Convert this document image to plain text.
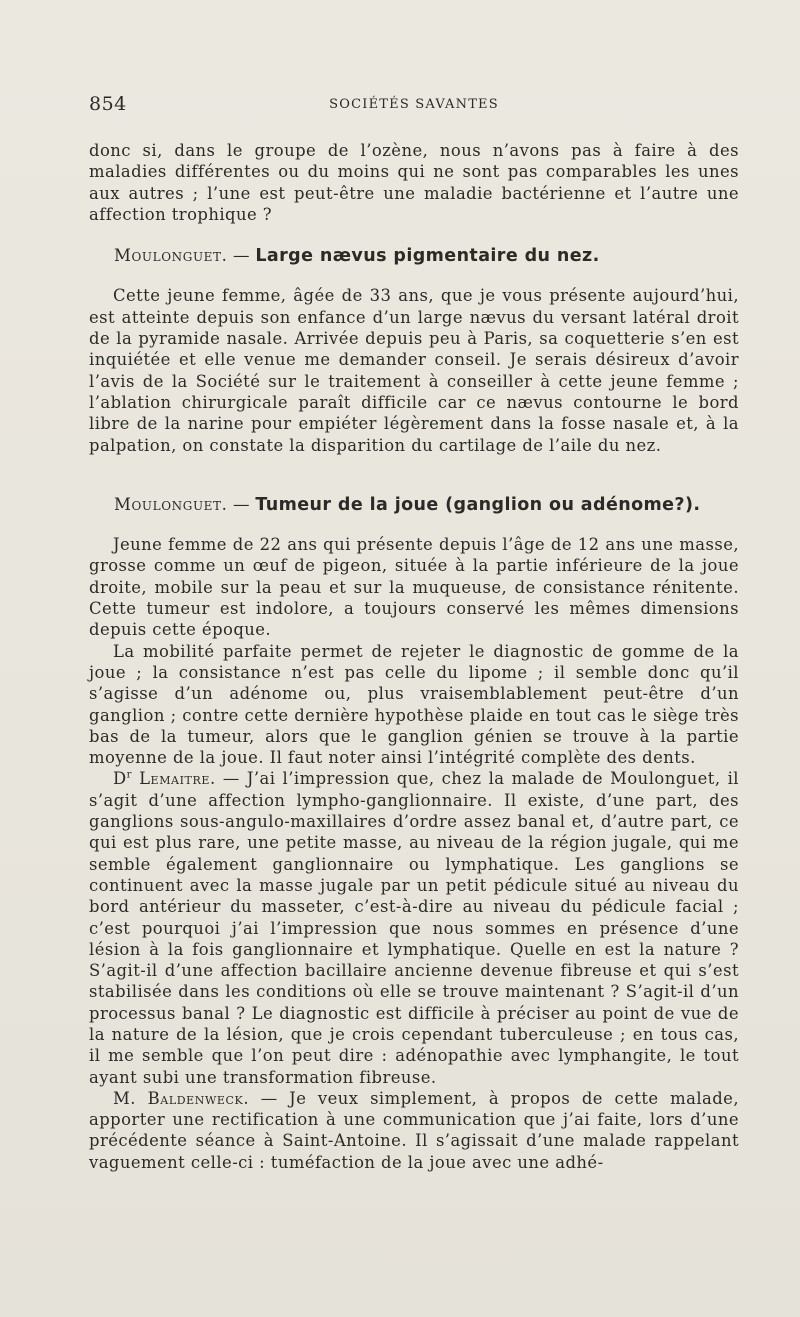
854	SOCIÉTÉS SAVANTES

donc si, dans le groupe de l’ozène, nous n’avons pas à faire à des maladies différentes ou du moins qui ne sont pas comparables les unes aux autres ; l’une est peut-être une maladie bactérienne et l’autre une affection trophique ?

Moulonguet. — Large nævus pigmentaire du nez.

Cette jeune femme, âgée de 33 ans, que je vous présente aujourd’hui, est atteinte depuis son enfance d’un large nævus du versant latéral droit de la pyramide nasale. Arrivée depuis peu à Paris, sa coquetterie s’en est inquiétée et elle venue me demander conseil. Je serais désireux d’avoir l’avis de la Société sur le traitement à conseiller à cette jeune femme ; l’ablation chirurgicale paraît difficile car ce nævus contourne le bord libre de la narine pour empiéter légèrement dans la fosse nasale et, à la palpation, on constate la disparition du cartilage de l’aile du nez.

Moulonguet. — Tumeur de la joue (ganglion ou adénome?).

Jeune femme de 22 ans qui présente depuis l’âge de 12 ans une masse, grosse comme un œuf de pigeon, située à la partie inférieure de la joue droite, mobile sur la peau et sur la muqueuse, de consistance rénitente. Cette tumeur est indolore, a toujours conservé les mêmes dimensions depuis cette époque.

La mobilité parfaite permet de rejeter le diagnostic de gomme de la joue ; la consistance n’est pas celle du lipome ; il semble donc qu’il s’agisse d’un adénome ou, plus vraisemblablement peut-être d’un ganglion ; contre cette dernière hypothèse plaide en tout cas le siège très bas de la tumeur, alors que le ganglion génien se trouve à la partie moyenne de la joue. Il faut noter ainsi l’intégrité complète des dents.

$D^r$ Lemaitre. — J’ai l’impression que, chez la malade de Moulonguet, il s’agit d’une affection lympho-ganglionnaire. Il existe, d’une part, des ganglions sous-angulo-maxillaires d’ordre assez banal et, d’autre part, ce qui est plus rare, une petite masse, au niveau de la région jugale, qui me semble également ganglionnaire ou lymphatique. Les ganglions se continuent avec la masse jugale par un petit pédicule situé au niveau du bord antérieur du masseter, c’est-à-dire au niveau du pédicule facial ; c’est pourquoi j’ai l’impression que nous sommes en présence d’une lésion à la fois ganglionnaire et lymphatique. Quelle en est la nature ? S’agit-il d’une affection bacillaire ancienne devenue fibreuse et qui s’est stabilisée dans les conditions où elle se trouve maintenant ? S’agit-il d’un processus banal ? Le diagnostic est difficile à préciser au point de vue de la nature de la lésion, que je crois cependant tuberculeuse ; en tous cas, il me semble que l’on peut dire : adénopathie avec lymphangite, le tout ayant subi une transformation fibreuse.

M. Baldenweck. — Je veux simplement, à propos de cette malade, apporter une rectification à une communication que j’ai faite, lors d’une précédente séance à Saint-Antoine. Il s’agissait d’une malade rappelant vaguement celle-ci : tuméfaction de la joue avec une adhé-
